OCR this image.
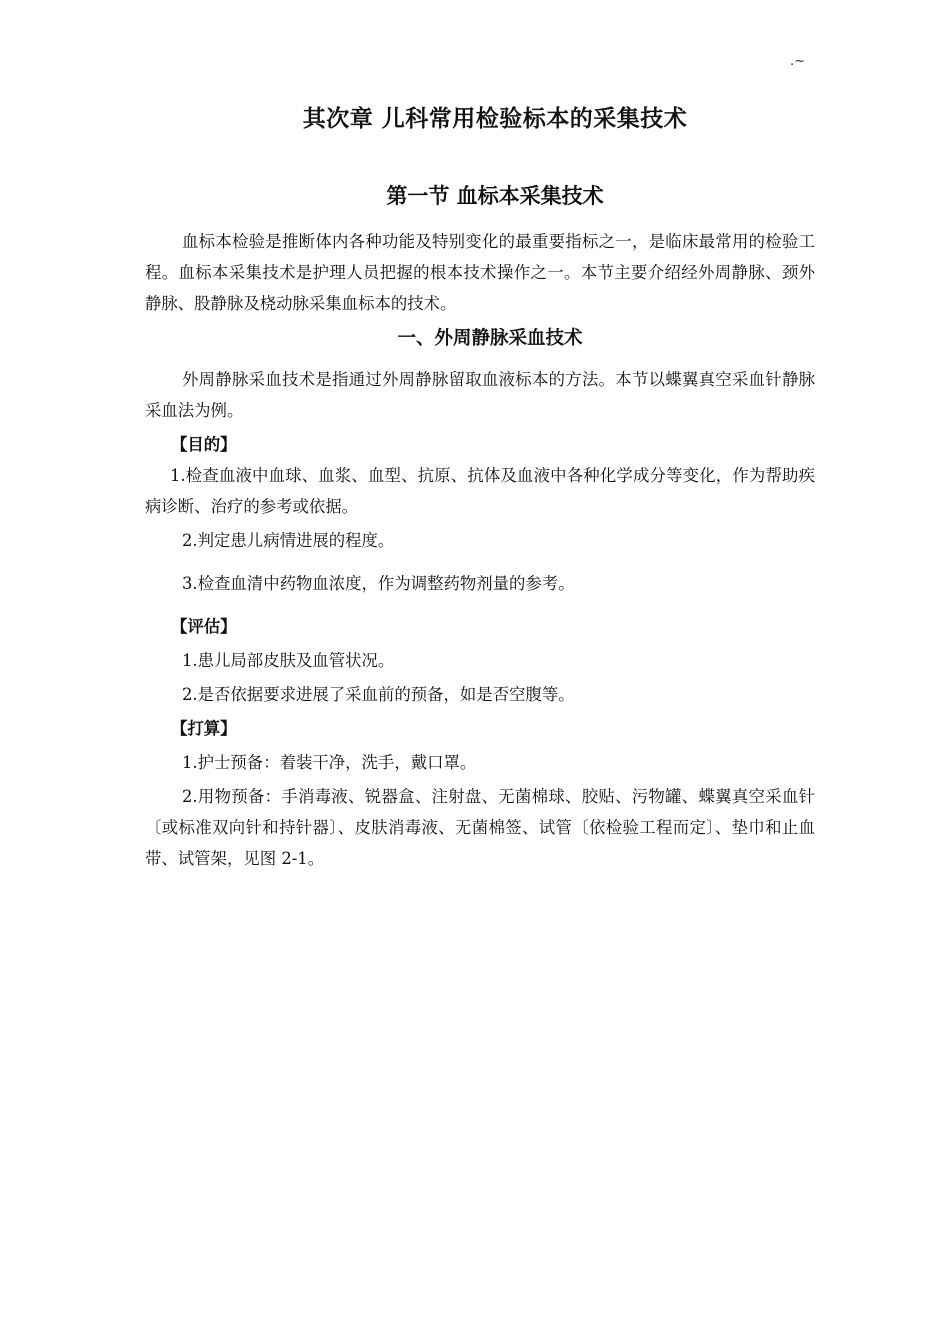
.~
其次章 儿科常用检验标本的采集技术
第一节 血标本采集技术

血标本检验是推断体内各种功能及特别变化的最重要指标之一，是临床最常用的检验工程。血标本采集技术是护理人员把握的根本技术操作之一。本节主要介绍经外周静脉、颈外静脉、股静脉及桡动脉采集血标本的技术。

一、外周静脉采血技术

外周静脉采血技术是指通过外周静脉留取血液标本的方法。本节以蝶翼真空采血针静脉采血法为例。

【目的】

1.检查血液中血球、血浆、血型、抗原、抗体及血液中各种化学成分等变化，作为帮助疾病诊断、治疗的参考或依据。

2.判定患儿病情进展的程度。

3.检查血清中药物血浓度，作为调整药物剂量的参考。

【评估】

1.患儿局部皮肤及血管状况。

2.是否依据要求进展了采血前的预备，如是否空腹等。

【打算】

1.护士预备：着装干净，洗手，戴口罩。

2.用物预备：手消毒液、锐器盒、注射盘、无菌棉球、胶贴、污物罐、蝶翼真空采血针〔或标准双向针和持针器〕、皮肤消毒液、无菌棉签、试管〔依检验工程而定〕、垫巾和止血带、试管架，见图 2-1。
